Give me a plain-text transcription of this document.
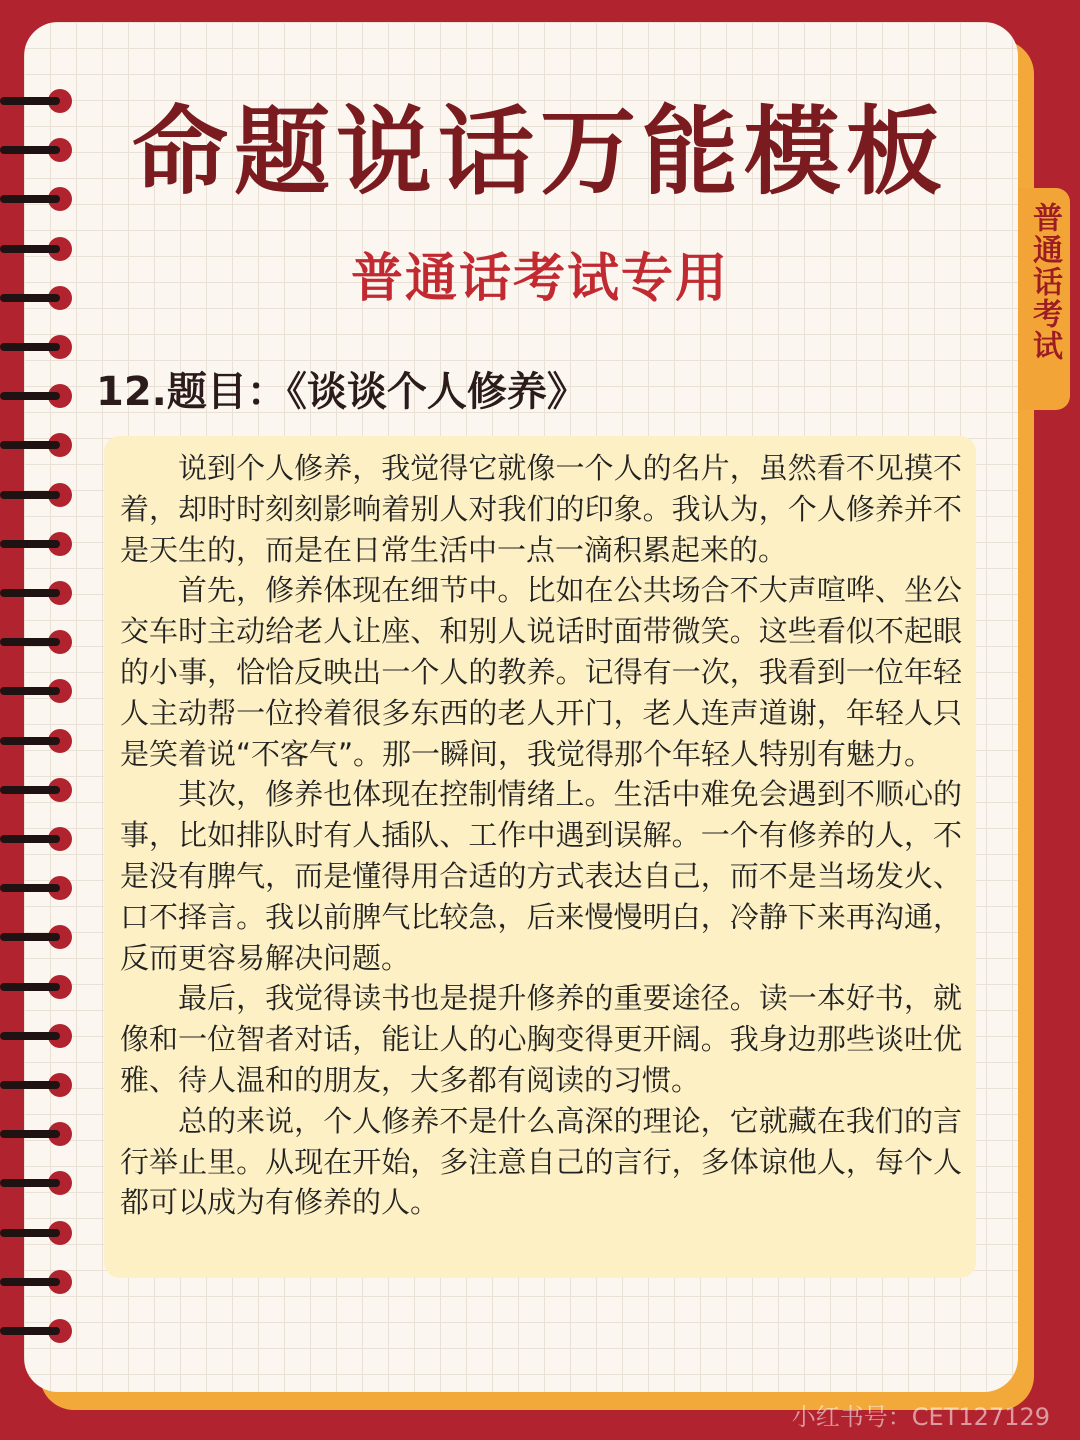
普通话考试
命题说话万能模板
普通话考试专用
12.题目：《谈谈个人修养》

说到个人修养，我觉得它就像一个人的名片，虽然看不见摸不着，却时时刻刻影响着别人对我们的印象。我认为，个人修养并不是天生的，而是在日常生活中一点一滴积累起来的。

首先，修养体现在细节中。比如在公共场合不大声喧哗、坐公交车时主动给老人让座、和别人说话时面带微笑。这些看似不起眼的小事，恰恰反映出一个人的教养。记得有一次，我看到一位年轻人主动帮一位拎着很多东西的老人开门，老人连声道谢，年轻人只是笑着说“不客气”。那一瞬间，我觉得那个年轻人特别有魅力。

其次，修养也体现在控制情绪上。生活中难免会遇到不顺心的事，比如排队时有人插队、工作中遇到误解。一个有修养的人，不是没有脾气，而是懂得用合适的方式表达自己，而不是当场发火、口不择言。我以前脾气比较急，后来慢慢明白，冷静下来再沟通，反而更容易解决问题。

最后，我觉得读书也是提升修养的重要途径。读一本好书，就像和一位智者对话，能让人的心胸变得更开阔。我身边那些谈吐优雅、待人温和的朋友，大多都有阅读的习惯。

总的来说，个人修养不是什么高深的理论，它就藏在我们的言行举止里。从现在开始，多注意自己的言行，多体谅他人，每个人都可以成为有修养的人。

小红书号：CET127129
